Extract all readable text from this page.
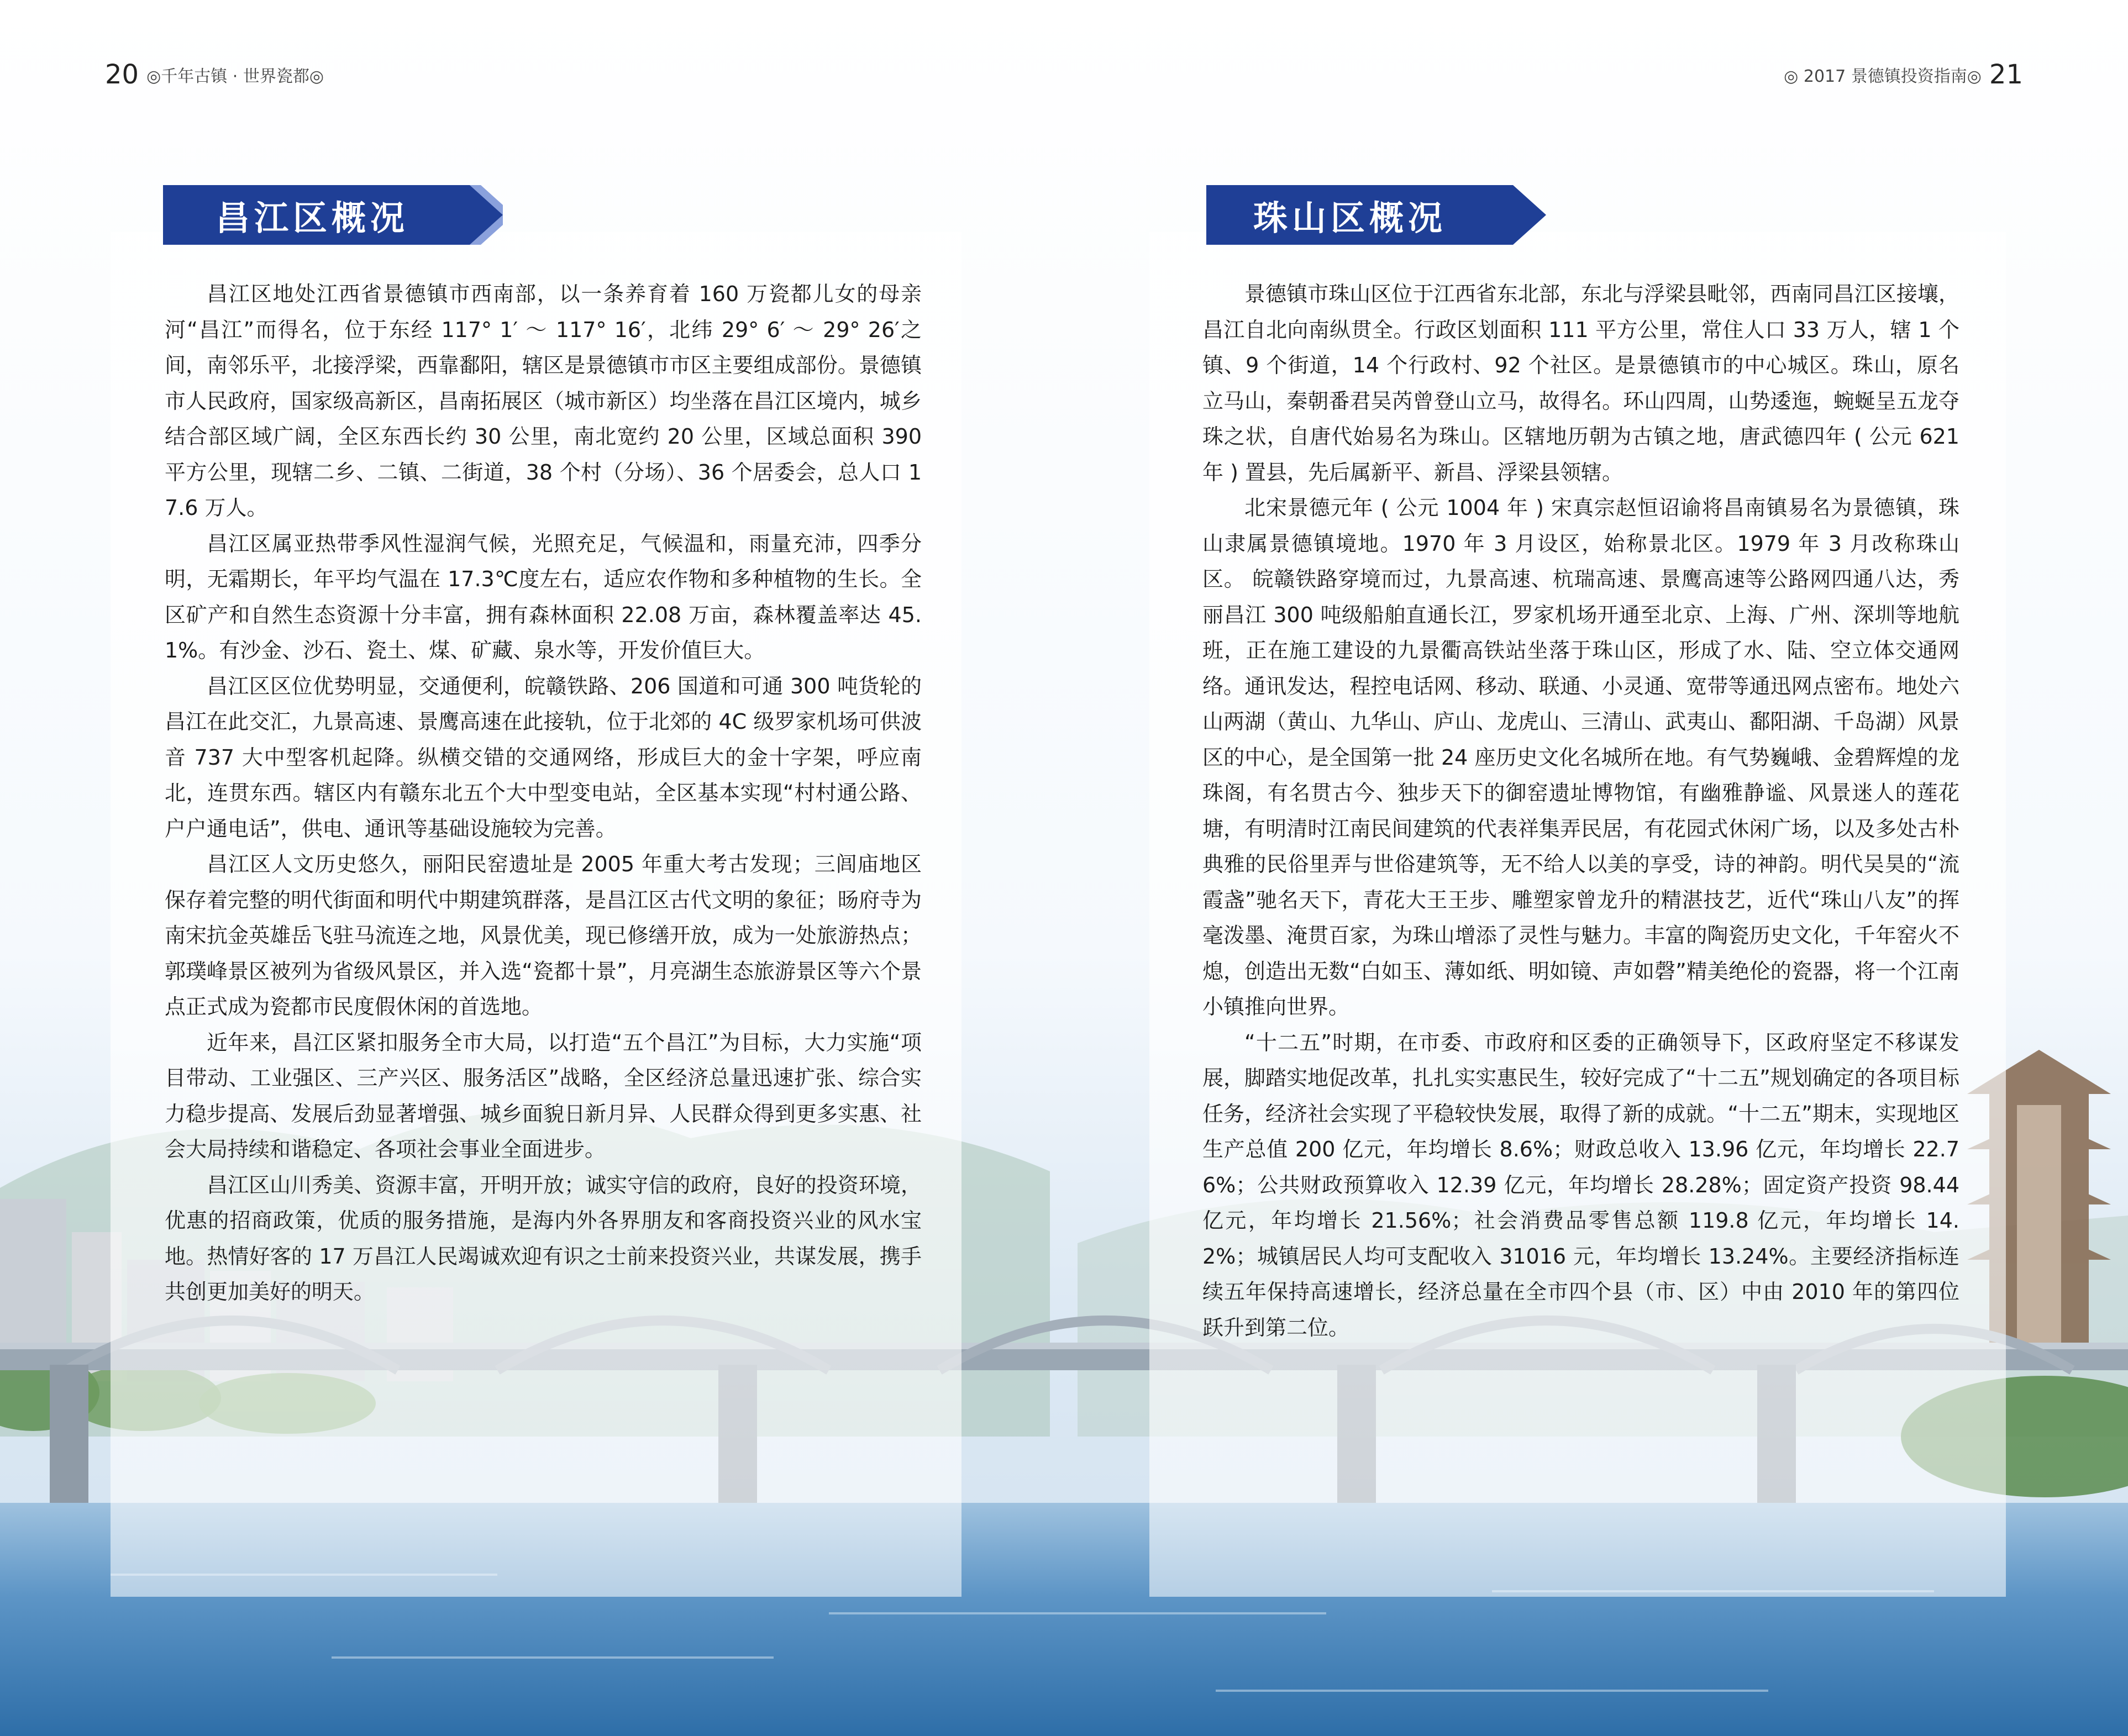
20 ◎千年古镇 · 世界瓷都◎	◎ 2017 景德镇投资指南◎ 21
昌江区概况	珠山区概况

昌江区地处江西省景德镇市西南部，以一条养育着 160 万瓷都儿女的母亲河“昌江”而得名，位于东经 117° 1′ ～ 117° 16′，北纬 29° 6′ ～ 29° 26′之间，南邻乐平，北接浮梁，西靠鄱阳，辖区是景德镇市市区主要组成部份。景德镇市人民政府，国家级高新区，昌南拓展区（城市新区）均坐落在昌江区境内，城乡结合部区域广阔，全区东西长约 30 公里，南北宽约 20 公里，区域总面积 390 平方公里，现辖二乡、二镇、二街道，38 个村（分场）、36 个居委会，总人口 17.6 万人。

昌江区属亚热带季风性湿润气候，光照充足，气候温和，雨量充沛，四季分明，无霜期长，年平均气温在 17.3℃度左右，适应农作物和多种植物的生长。全区矿产和自然生态资源十分丰富，拥有森林面积 22.08 万亩，森林覆盖率达 45.1%。有沙金、沙石、瓷土、煤、矿藏、泉水等，开发价值巨大。

昌江区区位优势明显，交通便利，皖赣铁路、206 国道和可通 300 吨货轮的昌江在此交汇，九景高速、景鹰高速在此接轨，位于北郊的 4C 级罗家机场可供波音 737 大中型客机起降。纵横交错的交通网络，形成巨大的金十字架，呼应南北，连贯东西。辖区内有赣东北五个大中型变电站，全区基本实现“村村通公路、户户通电话”，供电、通讯等基础设施较为完善。

昌江区人文历史悠久，丽阳民窑遗址是 2005 年重大考古发现；三闾庙地区保存着完整的明代街面和明代中期建筑群落，是昌江区古代文明的象征；旸府寺为南宋抗金英雄岳飞驻马流连之地，风景优美，现已修缮开放，成为一处旅游热点；郭璞峰景区被列为省级风景区，并入选“瓷都十景”，月亮湖生态旅游景区等六个景点正式成为瓷都市民度假休闲的首选地。

近年来，昌江区紧扣服务全市大局，以打造“五个昌江”为目标，大力实施“项目带动、工业强区、三产兴区、服务活区”战略，全区经济总量迅速扩张、综合实力稳步提高、发展后劲显著增强、城乡面貌日新月异、人民群众得到更多实惠、社会大局持续和谐稳定、各项社会事业全面进步。

昌江区山川秀美、资源丰富，开明开放；诚实守信的政府，良好的投资环境，优惠的招商政策，优质的服务措施，是海内外各界朋友和客商投资兴业的风水宝地。热情好客的 17 万昌江人民竭诚欢迎有识之士前来投资兴业，共谋发展，携手共创更加美好的明天。

景德镇市珠山区位于江西省东北部，东北与浮梁县毗邻，西南同昌江区接壤，昌江自北向南纵贯全。行政区划面积 111 平方公里，常住人口 33 万人，辖 1 个镇、9 个街道，14 个行政村、92 个社区。是景德镇市的中心城区。珠山，原名立马山，秦朝番君吴芮曾登山立马，故得名。环山四周，山势逶迤，蜿蜒呈五龙夺珠之状，自唐代始易名为珠山。区辖地历朝为古镇之地，唐武德四年 ( 公元 621 年 ) 置县，先后属新平、新昌、浮梁县领辖。

北宋景德元年 ( 公元 1004 年 ) 宋真宗赵恒诏谕将昌南镇易名为景德镇，珠山隶属景德镇境地。1970 年 3 月设区，始称景北区。1979 年 3 月改称珠山区。 皖赣铁路穿境而过，九景高速、杭瑞高速、景鹰高速等公路网四通八达，秀丽昌江 300 吨级船舶直通长江，罗家机场开通至北京、上海、广州、深圳等地航班，正在施工建设的九景衢高铁站坐落于珠山区，形成了水、陆、空立体交通网络。通讯发达，程控电话网、移动、联通、小灵通、宽带等通迅网点密布。地处六山两湖（黄山、九华山、庐山、龙虎山、三清山、武夷山、鄱阳湖、千岛湖）风景区的中心，是全国第一批 24 座历史文化名城所在地。有气势巍峨、金碧辉煌的龙珠阁，有名贯古今、独步天下的御窑遗址博物馆，有幽雅静谧、风景迷人的莲花塘，有明清时江南民间建筑的代表祥集弄民居，有花园式休闲广场，以及多处古朴典雅的民俗里弄与世俗建筑等，无不给人以美的享受，诗的神韵。明代吴昊的“流霞盏”驰名天下，青花大王王步、雕塑家曾龙升的精湛技艺，近代“珠山八友”的挥毫泼墨、淹贯百家，为珠山增添了灵性与魅力。丰富的陶瓷历史文化，千年窑火不熄，创造出无数“白如玉、薄如纸、明如镜、声如磬”精美绝伦的瓷器，将一个江南小镇推向世界。

“十二五”时期，在市委、市政府和区委的正确领导下，区政府坚定不移谋发展，脚踏实地促改革，扎扎实实惠民生，较好完成了“十二五”规划确定的各项目标任务，经济社会实现了平稳较快发展，取得了新的成就。“十二五”期末，实现地区生产总值 200 亿元，年均增长 8.6%；财政总收入 13.96 亿元，年均增长 22.76%；公共财政预算收入 12.39 亿元，年均增长 28.28%；固定资产投资 98.44 亿元，年均增长 21.56%；社会消费品零售总额 119.8 亿元，年均增长 14.2%；城镇居民人均可支配收入 31016 元，年均增长 13.24%。主要经济指标连续五年保持高速增长，经济总量在全市四个县（市、区）中由 2010 年的第四位跃升到第二位。
